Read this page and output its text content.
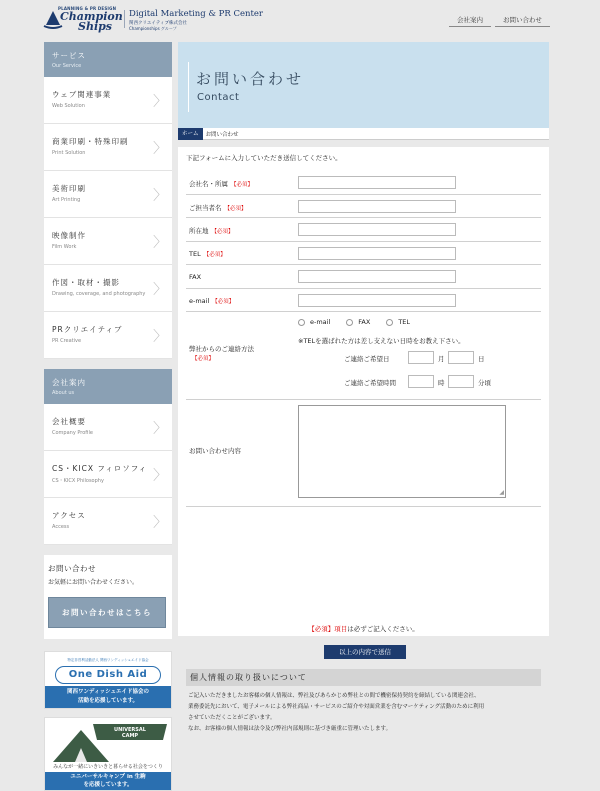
PLANNING & PR DESIGN
Champion
Ships
Digital Marketing & PR Center
関西クリエイティブ株式会社
Championships グループ
会社案内	お問い合わせ
サービス
Our Service
ウェブ関連事業
Web Solution	〉
商業印刷・特殊印刷
Print Solution	〉
美術印刷
Art Printing	〉
映像制作
Film Work	〉
作図・取材・撮影
Drawing, coverage, and photography 〉
PRクリエイティブ
PR Creative	〉
会社案内
About us
会社概要
Company Profile	〉
CS・KICX フィロソフィ
CS・KICX Philosophy	〉
アクセス
Access	〉
お問い合わせ
お気軽にお問い合わせください。
お問い合わせはこちら
特定非営利活動法人 関西ワンディッシュエイド協会
One Dish Aid
関西ワンディッシュエイド協会の
活動を応援しています。
UNIVERSAL
CAMP
みんなが一緒にいきいきと暮らせる社会をつくり
ユニバーサルキャンプ in 生駒
を応援しています。
お問い合わせ
Contact
ホーム	お問い合わせ
下記フォームに入力していただき送信してください。
会社名・所属 【必須】
ご担当者名 【必須】
所在地 【必須】
TEL 【必須】
FAX
e-mail 【必須】
弊社からのご連絡方法
【必須】
e-mail	FAX	TEL
※TELを選ばれた方は差し支えない日時をお教え下さい。
ご連絡ご希望日	月	日
ご連絡ご希望時間	時	分頃
お問い合わせ内容
◢
【必須】項目は必ずご記入ください。
以上の内容で送信
個人情報の取り扱いについて
ご記入いただきましたお客様の個人情報は、弊社及びあらかじめ弊社との間で機密保持契約を締結している関連会社、
業務委託先において、電子メールによる弊社商品・サービスのご紹介や対面営業を含むマーケティング活動のために利用
させていただくことがございます。
なお、お客様の個人情報は法令及び弊社内部規則に基づき厳重に管理いたします。
